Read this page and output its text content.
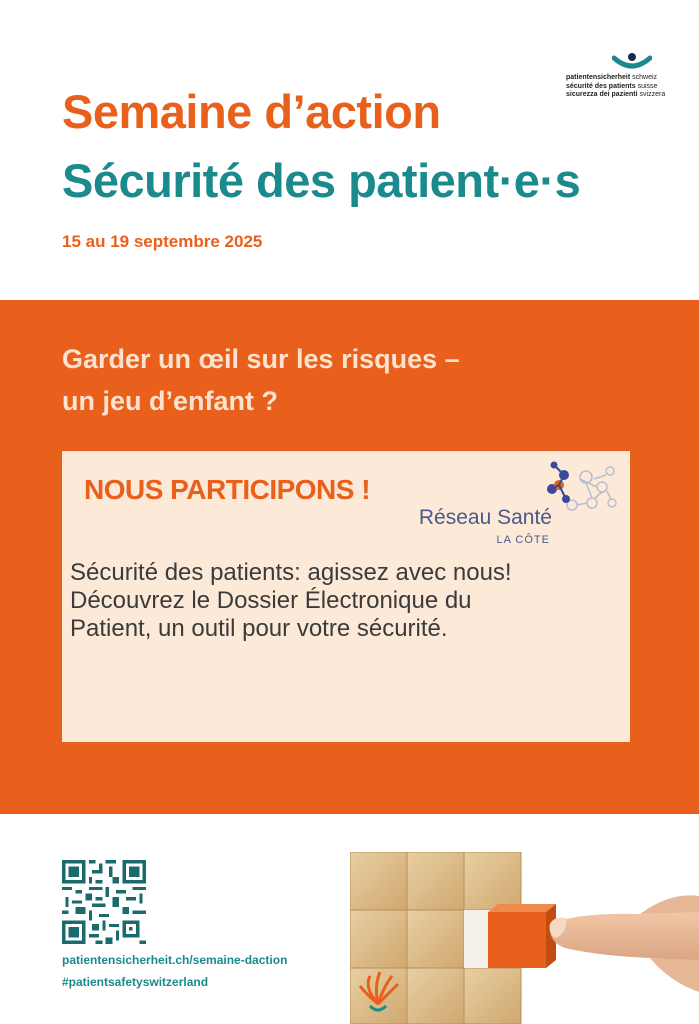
patientensicherheit schweiz
sécurité des patients suisse
sicurezza dei pazienti svizzera
Semaine d’action
Sécurité des patient·e·s
15 au 19 septembre 2025
Garder un œil sur les risques –
un jeu d’enfant ?
NOUS PARTICIPONS !
Réseau Santé
LA CÔTE
Sécurité des patients: agissez avec nous!
Découvrez le Dossier Électronique du
Patient, un outil pour votre sécurité.
patientensicherheit.ch/semaine-daction
#patientsafetyswitzerland
